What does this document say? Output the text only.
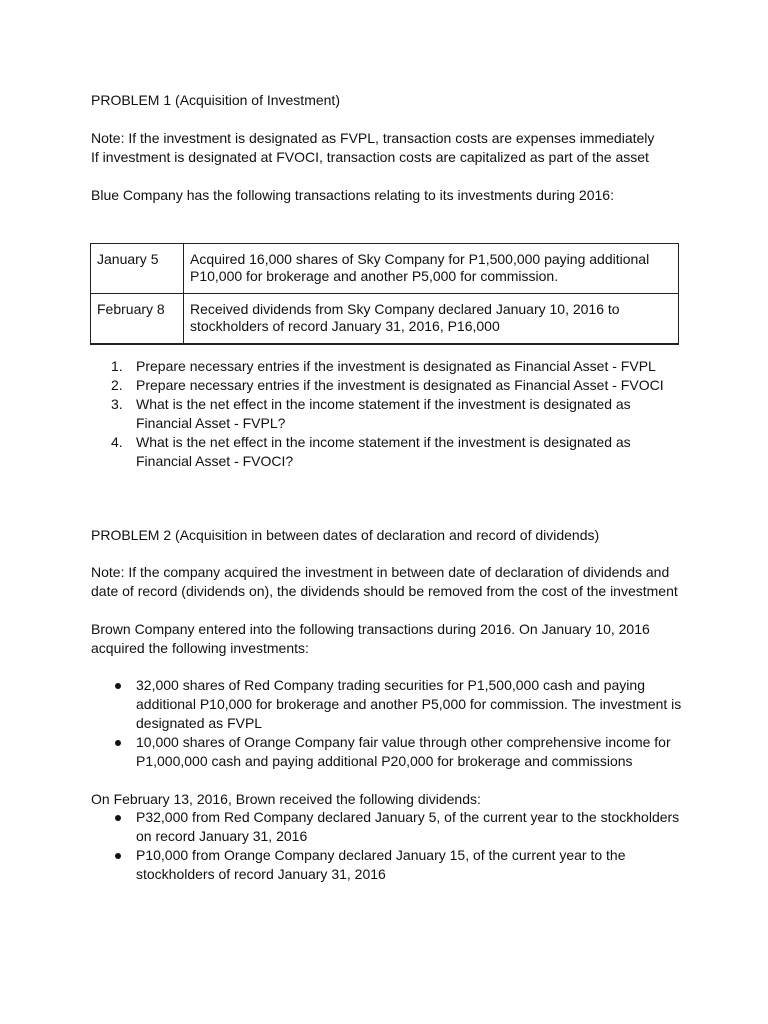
PROBLEM 1 (Acquisition of Investment)

Note: If the investment is designated as FVPL, transaction costs are expenses immediately

If investment is designated at FVOCI, transaction costs are capitalized as part of the asset

Blue Company has the following transactions relating to its investments during 2016:

January 5	Acquired 16,000 shares of Sky Company for P1,500,000 paying additional P10,000 for brokerage and another P5,000 for commission.
February 8	Received dividends from Sky Company declared January 10, 2016 to stockholders of record January 31, 2016, P16,000
1. Prepare necessary entries if the investment is designated as Financial Asset - FVPL
2. Prepare necessary entries if the investment is designated as Financial Asset - FVOCI
3. What is the net effect in the income statement if the investment is designated as Financial Asset - FVPL?
4. What is the net effect in the income statement if the investment is designated as Financial Asset - FVOCI?

PROBLEM 2 (Acquisition in between dates of declaration and record of dividends)

Note: If the company acquired the investment in between date of declaration of dividends and date of record (dividends on), the dividends should be removed from the cost of the investment

Brown Company entered into the following transactions during 2016. On January 10, 2016 acquired the following investments:

32,000 shares of Red Company trading securities for P1,500,000 cash and paying additional P10,000 for brokerage and another P5,000 for commission. The investment is designated as FVPL
10,000 shares of Orange Company fair value through other comprehensive income for P1,000,000 cash and paying additional P20,000 for brokerage and commissions

On February 13, 2016, Brown received the following dividends:

P32,000 from Red Company declared January 5, of the current year to the stockholders on record January 31, 2016
P10,000 from Orange Company declared January 15, of the current year to the stockholders of record January 31, 2016
